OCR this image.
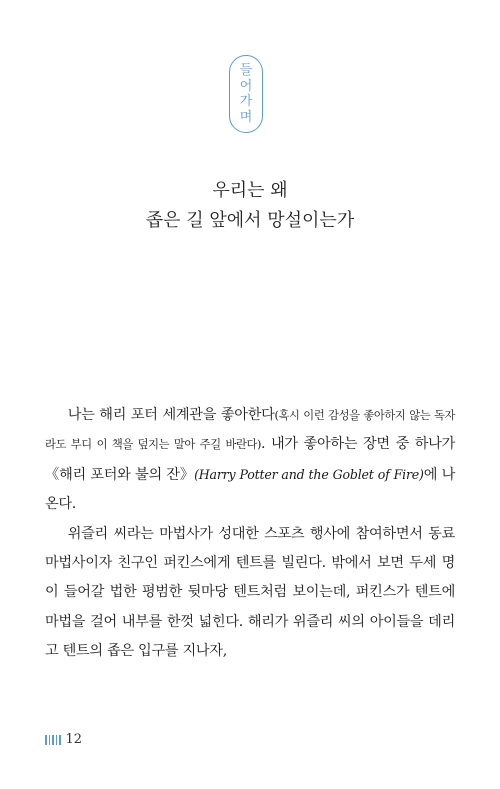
들
어
가
며
우리는 왜
좁은 길 앞에서 망설이는가

나는 해리 포터 세계관을 좋아한다(혹시 이런 감성을 좋아하지 않는 독자라도 부디 이 책을 덮지는 말아 주길 바란다). 내가 좋아하는 장면 중 하나가 《해리 포터와 불의 잔》(Harry Potter and the Goblet of Fire)에 나온다.

위즐리 씨라는 마법사가 성대한 스포츠 행사에 참여하면서 동료 마법사이자 친구인 퍼킨스에게 텐트를 빌린다. 밖에서 보면 두세 명이 들어갈 법한 평범한 뒷마당 텐트처럼 보이는데, 퍼킨스가 텐트에 마법을 걸어 내부를 한껏 넓힌다. 해리가 위즐리 씨의 아이들을 데리고 텐트의 좁은 입구를 지나자,

12
